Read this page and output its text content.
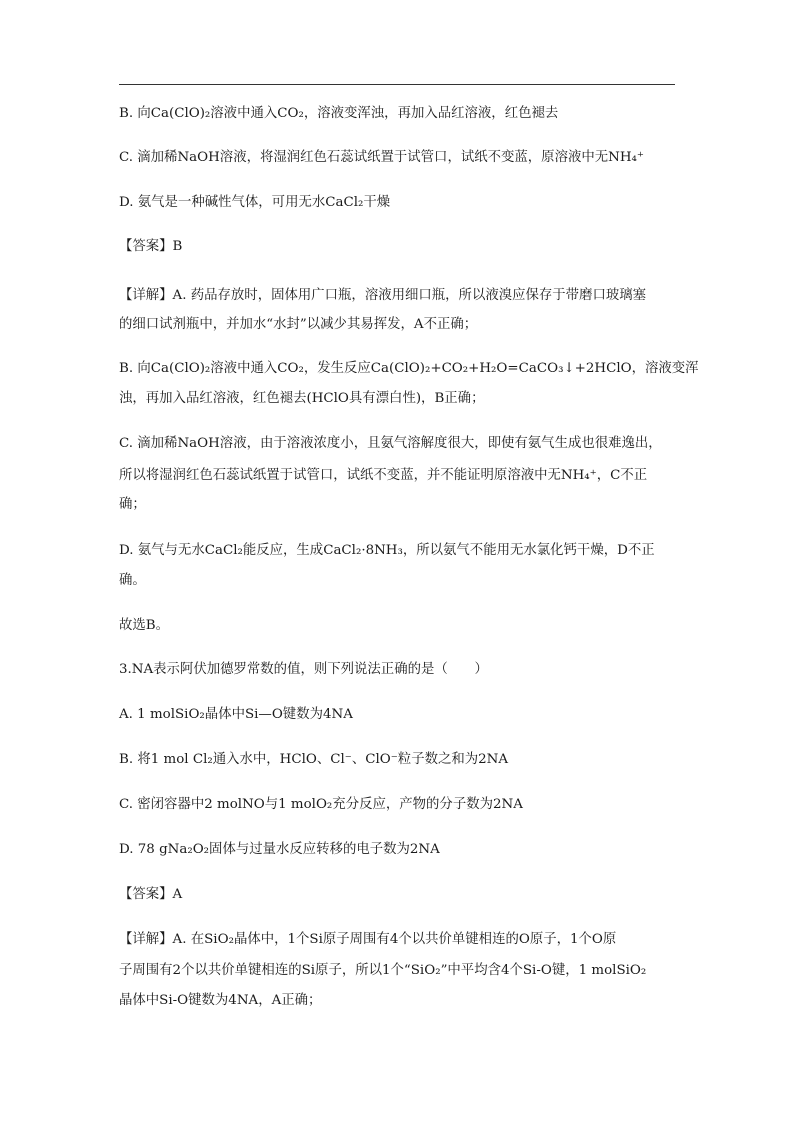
B. 向Ca(ClO)₂溶液中通入CO₂，溶液变浑浊，再加入品红溶液，红色褪去
C. 滴加稀NaOH溶液，将湿润红色石蕊试纸置于试管口，试纸不变蓝，原溶液中无NH₄⁺
D. 氨气是一种碱性气体，可用无水CaCl₂干燥
【答案】B
【详解】A. 药品存放时，固体用广口瓶，溶液用细口瓶，所以液溴应保存于带磨口玻璃塞
的细口试剂瓶中，并加水“水封”以减少其易挥发，A不正确；
B. 向Ca(ClO)₂溶液中通入CO₂，发生反应Ca(ClO)₂+CO₂+H₂O=CaCO₃↓+2HClO，溶液变浑
浊，再加入品红溶液，红色褪去(HClO具有漂白性)，B正确；
C. 滴加稀NaOH溶液，由于溶液浓度小，且氨气溶解度很大，即使有氨气生成也很难逸出，
所以将湿润红色石蕊试纸置于试管口，试纸不变蓝，并不能证明原溶液中无NH₄⁺，C不正
确；
D. 氨气与无水CaCl₂能反应，生成CaCl₂·8NH₃，所以氨气不能用无水氯化钙干燥，D不正
确。
故选B。
3.NA表示阿伏加德罗常数的值，则下列说法正确的是（　　）
A. 1 molSiO₂晶体中Si—O键数为4NA
B. 将1 mol Cl₂通入水中，HClO、Cl⁻、ClO⁻粒子数之和为2NA
C. 密闭容器中2 molNO与1 molO₂充分反应，产物的分子数为2NA
D. 78 gNa₂O₂固体与过量水反应转移的电子数为2NA
【答案】A
【详解】A. 在SiO₂晶体中，1个Si原子周围有4个以共价单键相连的O原子，1个O原
子周围有2个以共价单键相连的Si原子，所以1个“SiO₂”中平均含4个Si-O键，1 molSiO₂
晶体中Si-O键数为4NA，A正确；
